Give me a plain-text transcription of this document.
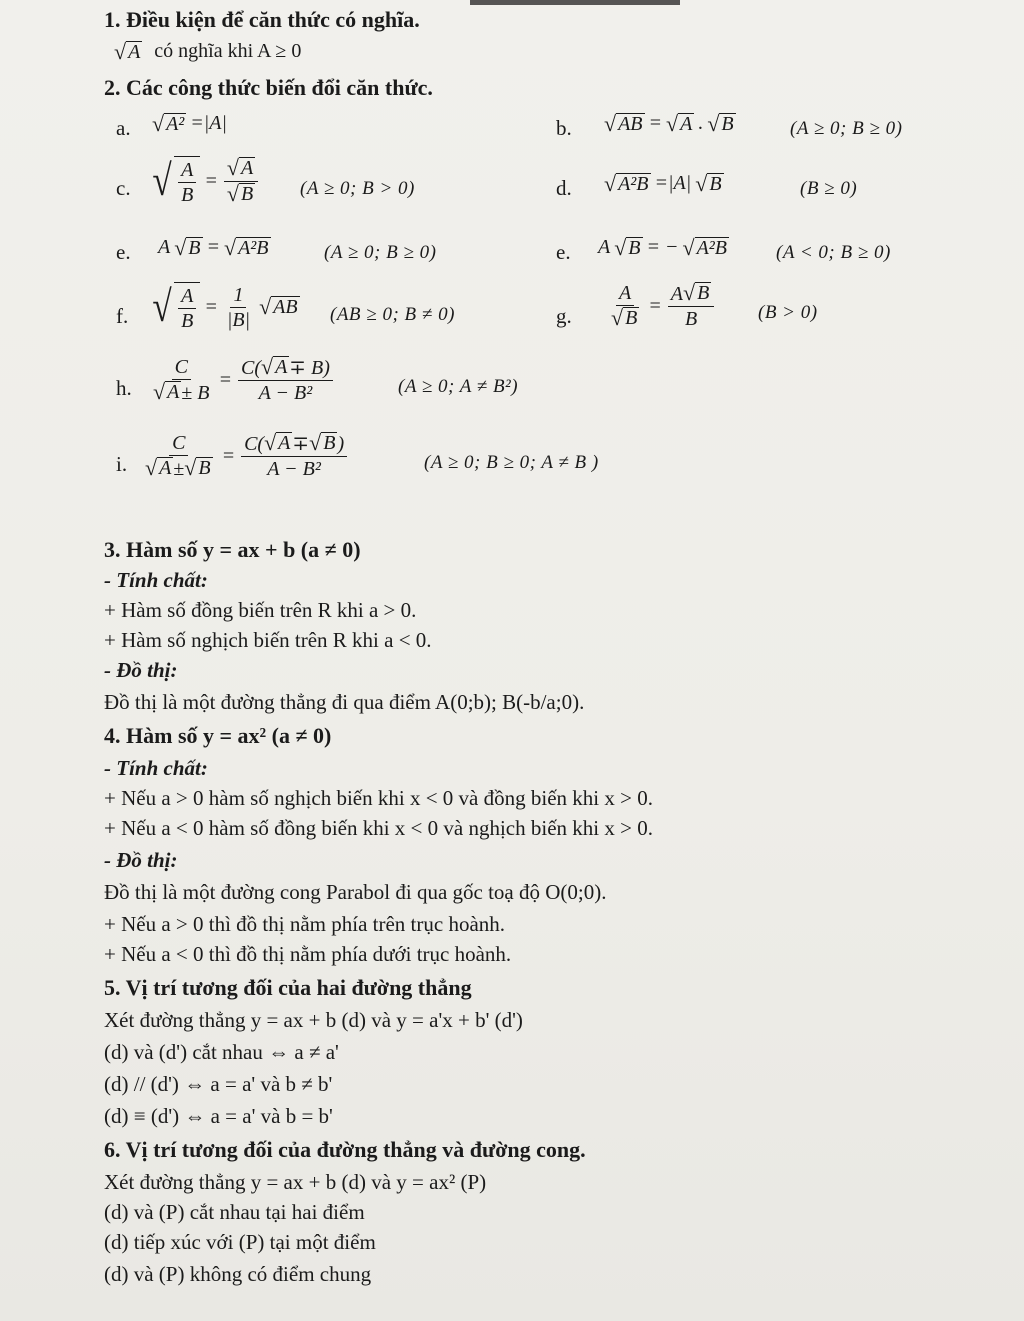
1. Điều kiện để căn thức có nghĩa.
√ A có nghĩa khi A ≥ 0
2. Các công thức biến đổi căn thức.
a. √ A² =|A|	b. √ AB = √ A . √ B	(A ≥ 0; B ≥ 0)
c. √ $\frac{A}{B} = \frac{√ A}{√ B} (A \ge 0$; B > 0)	d. √ A²B =|A| √ B	(B ≥ 0)
e. A √ B = √ A²B	(A ≥ 0; B ≥ 0)	e. A √ B = − √ A²B	(A < 0; B ≥ 0)
f. √ $\frac{A}{B} = \frac{1}{|B|}$ √ AB (AB ≥ 0; B ≠ 0)	g. $\frac{A}{√ B} = \frac{A √ B}{B} (B > 0)$
h. $\frac{C}{√ A \pm B} = \frac{C( √ A \mp B)}{\text{A − B²}}$	(A ≥ 0; A ≠ B²)
i. $\frac{C}{√ A \pm √ B} = \frac{C( √ A \mp √ B )}{\text{A − B²}}$	(A ≥ 0; B ≥ 0; A ≠ B )
3. Hàm số y = ax + b (a ≠ 0)
- Tính chất:
+ Hàm số đồng biến trên R khi a > 0.
+ Hàm số nghịch biến trên R khi a < 0.
- Đồ thị:
Đồ thị là một đường thẳng đi qua điểm A(0;b); B(-b/a;0).
4. Hàm số y = ax² (a ≠ 0)
- Tính chất:
+ Nếu a > 0 hàm số nghịch biến khi x < 0 và đồng biến khi x > 0.
+ Nếu a < 0 hàm số đồng biến khi x < 0 và nghịch biến khi x > 0.
- Đồ thị:
Đồ thị là một đường cong Parabol đi qua gốc toạ độ O(0;0).
+ Nếu a > 0 thì đồ thị nằm phía trên trục hoành.
+ Nếu a < 0 thì đồ thị nằm phía dưới trục hoành.
5. Vị trí tương đối của hai đường thẳng
Xét đường thẳng y = ax + b (d) và y = a'x + b' (d')
(d) và (d') cắt nhau ⇔ a ≠ a'
(d) // (d') ⇔ a = a' và b ≠ b'
(d) ≡ (d') ⇔ a = a' và b = b'
6. Vị trí tương đối của đường thẳng và đường cong.
Xét đường thẳng y = ax + b (d) và y = ax² (P)
(d) và (P) cắt nhau tại hai điểm
(d) tiếp xúc với (P) tại một điểm
(d) và (P) không có điểm chung
